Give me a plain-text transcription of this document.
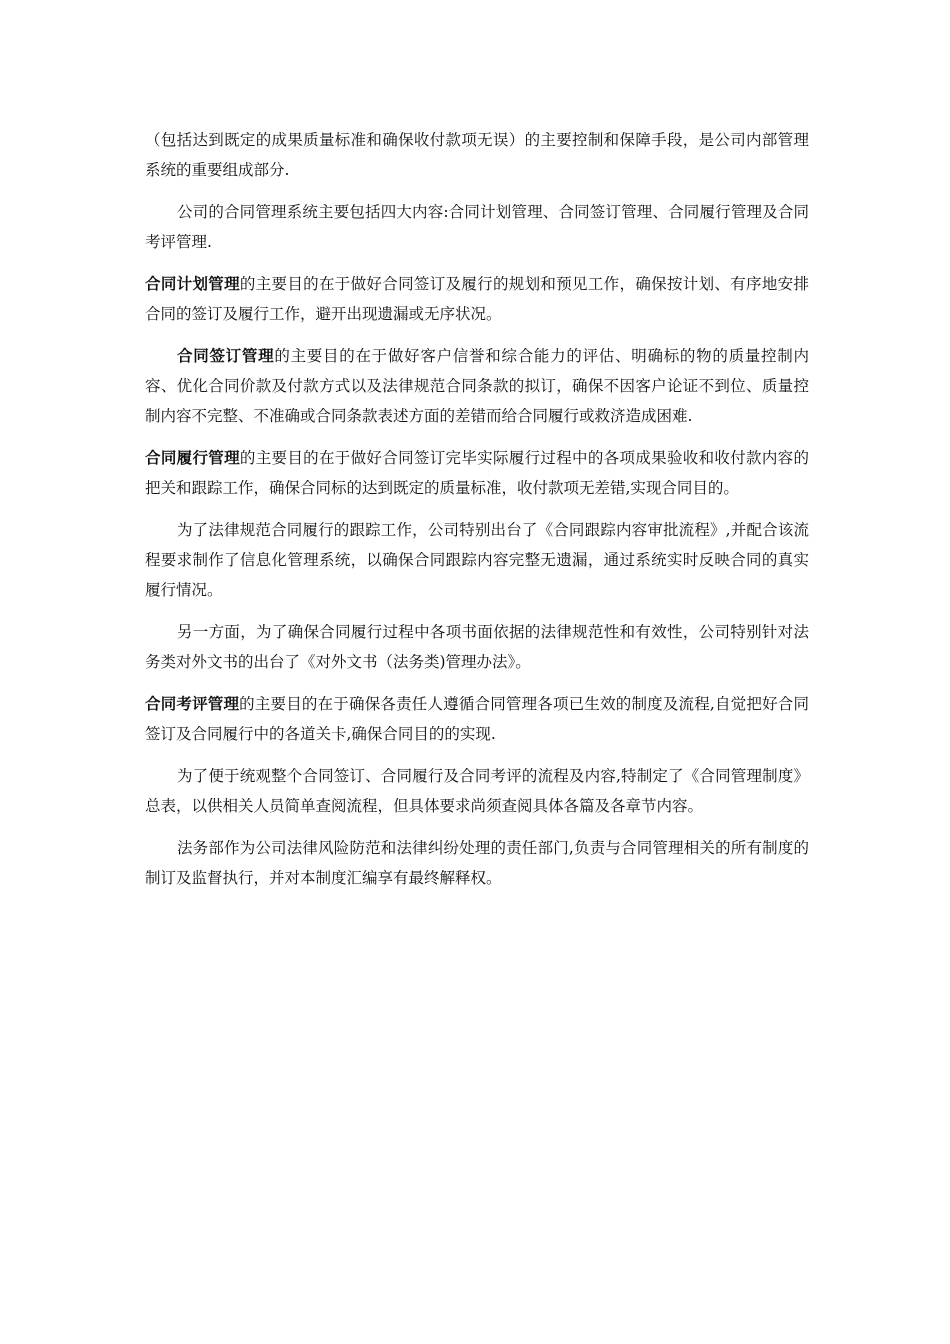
（包括达到既定的成果质量标准和确保收付款项无误）的主要控制和保障手段，是公司内部管理系统的重要组成部分.

公司的合同管理系统主要包括四大内容:合同计划管理、合同签订管理、合同履行管理及合同考评管理.

合同计划管理的主要目的在于做好合同签订及履行的规划和预见工作，确保按计划、有序地安排合同的签订及履行工作，避开出现遗漏或无序状况。

合同签订管理的主要目的在于做好客户信誉和综合能力的评估、明确标的物的质量控制内容、优化合同价款及付款方式以及法律规范合同条款的拟订，确保不因客户论证不到位、质量控制内容不完整、不准确或合同条款表述方面的差错而给合同履行或救济造成困难.

合同履行管理的主要目的在于做好合同签订完毕实际履行过程中的各项成果验收和收付款内容的把关和跟踪工作，确保合同标的达到既定的质量标准，收付款项无差错,实现合同目的。

为了法律规范合同履行的跟踪工作，公司特别出台了《合同跟踪内容审批流程》,并配合该流程要求制作了信息化管理系统，以确保合同跟踪内容完整无遗漏，通过系统实时反映合同的真实履行情况。

另一方面，为了确保合同履行过程中各项书面依据的法律规范性和有效性，公司特别针对法务类对外文书的出台了《对外文书（法务类)管理办法》。

合同考评管理的主要目的在于确保各责任人遵循合同管理各项已生效的制度及流程,自觉把好合同签订及合同履行中的各道关卡,确保合同目的的实现.

为了便于统观整个合同签订、合同履行及合同考评的流程及内容,特制定了《合同管理制度》总表，以供相关人员简单查阅流程，但具体要求尚须查阅具体各篇及各章节内容。

法务部作为公司法律风险防范和法律纠纷处理的责任部门,负责与合同管理相关的所有制度的制订及监督执行，并对本制度汇编享有最终解释权。
